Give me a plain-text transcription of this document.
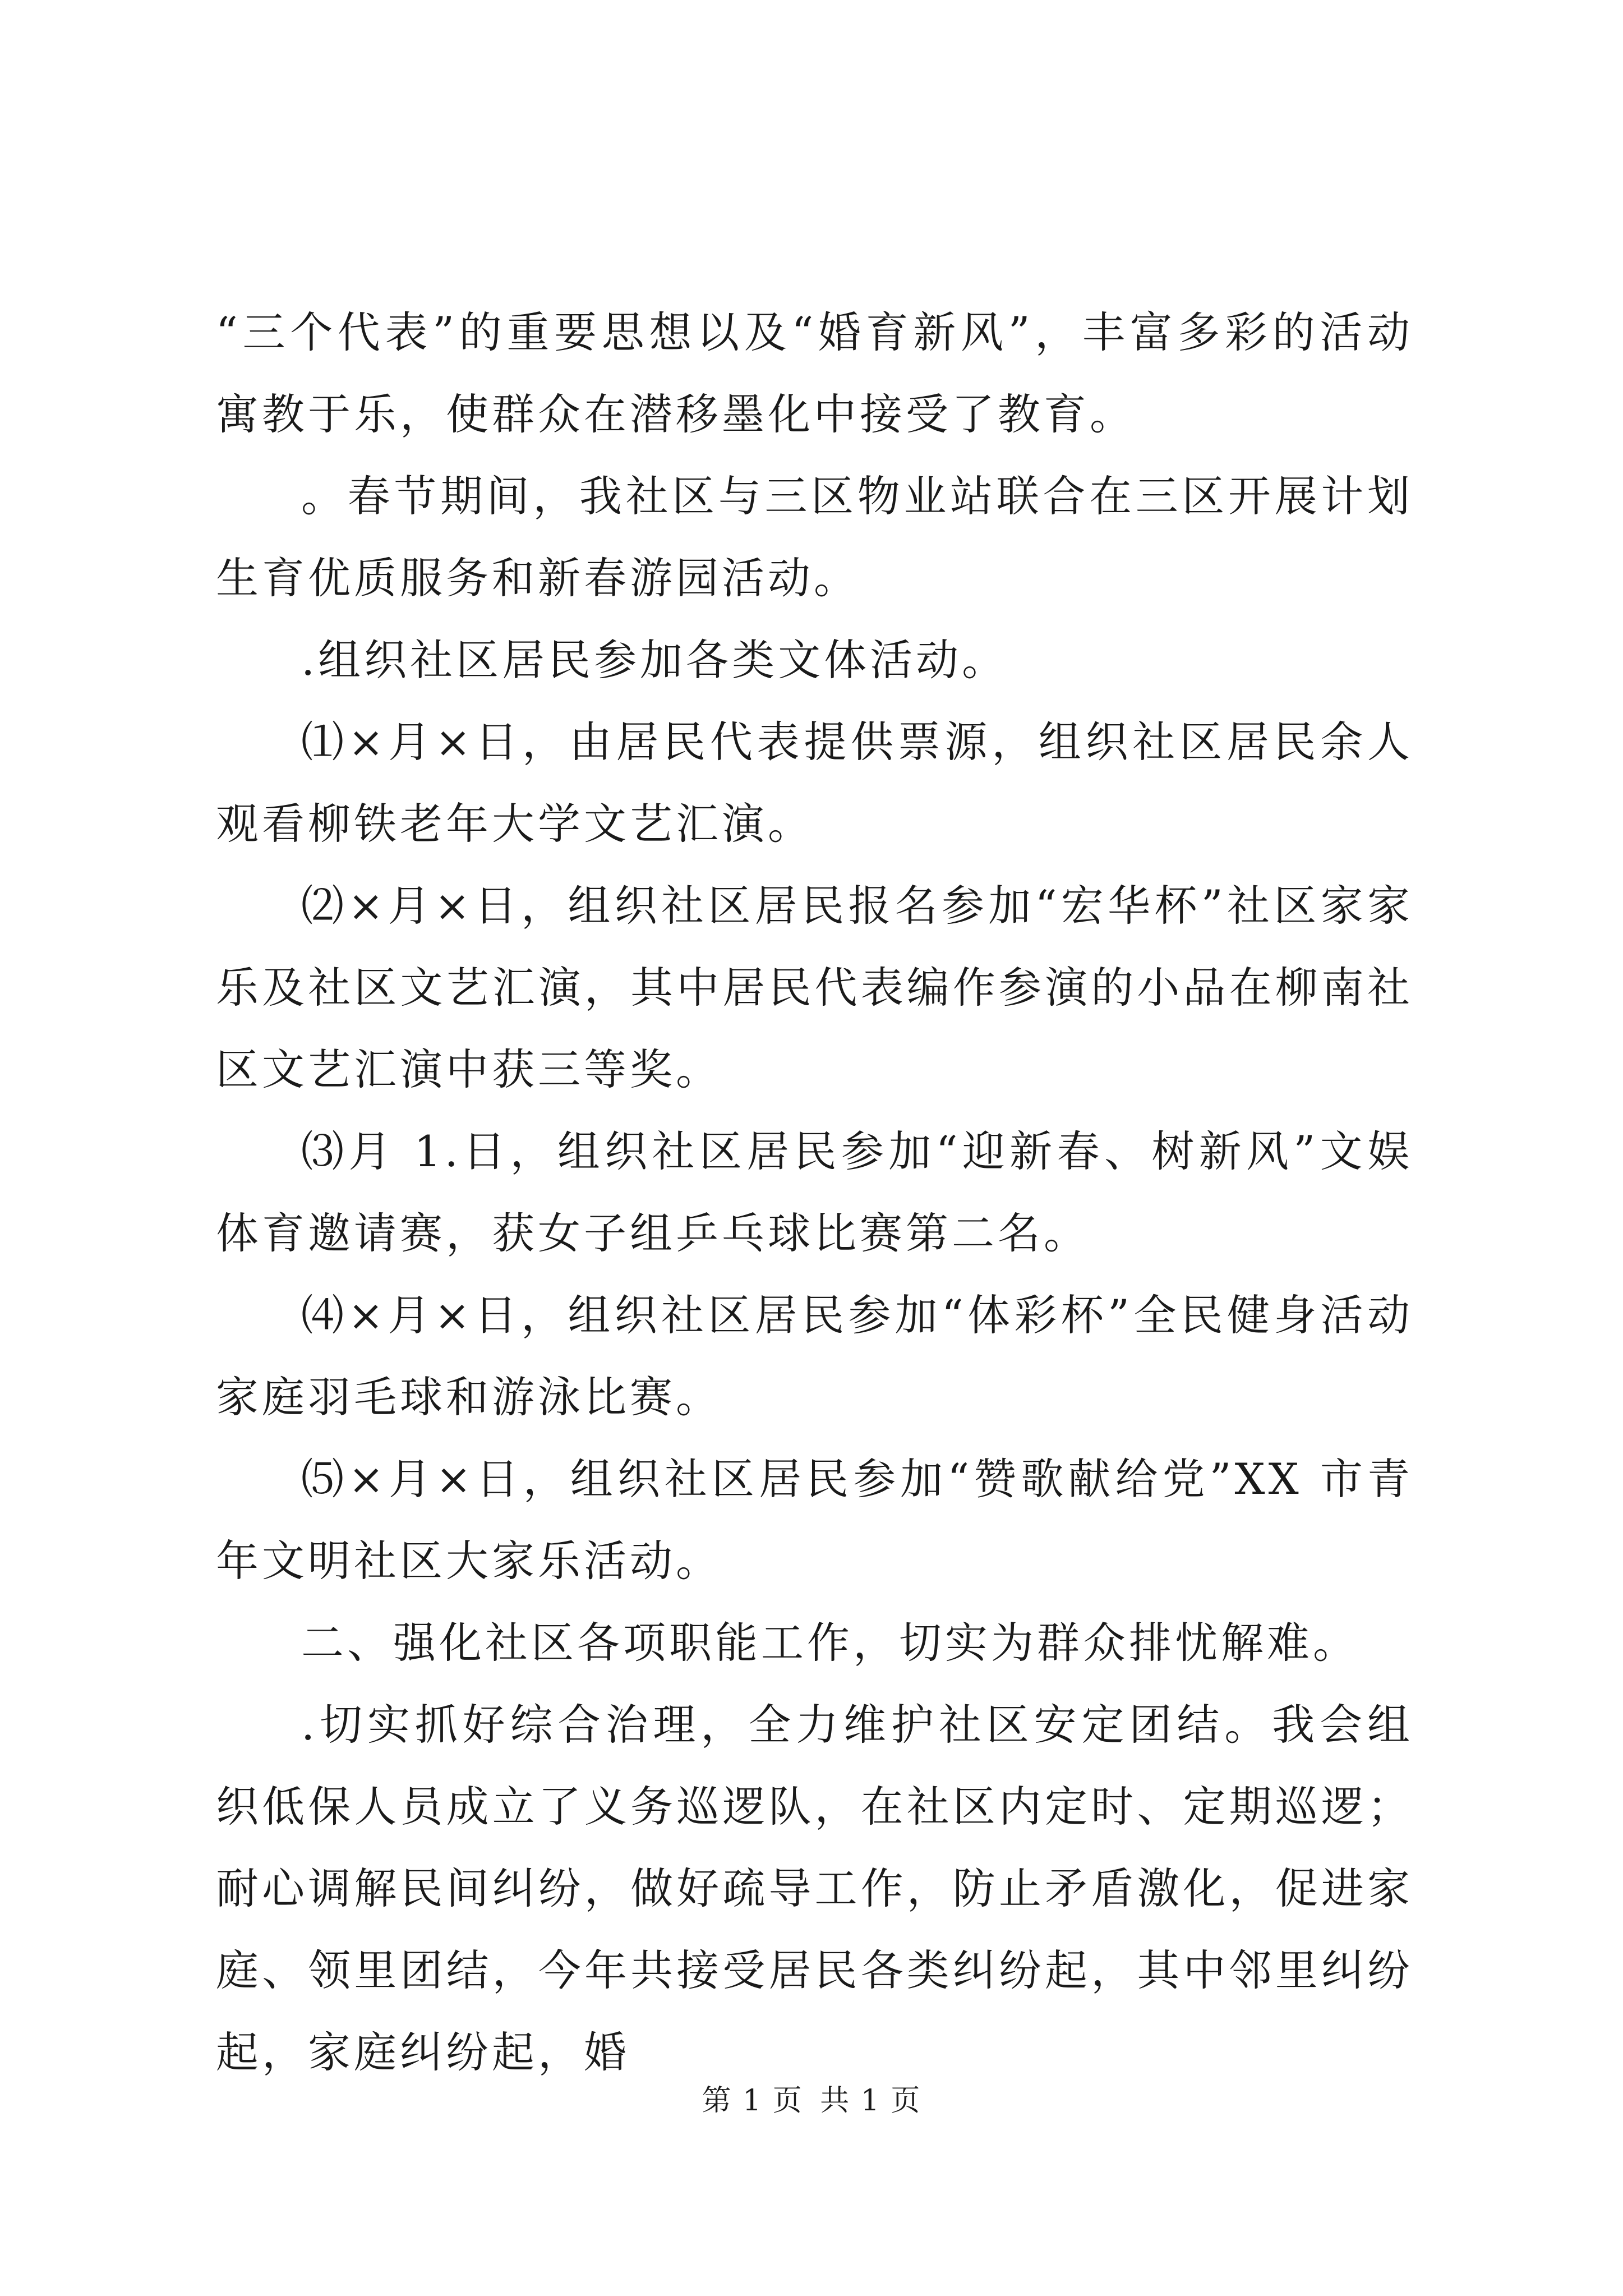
“三个代表”的重要思想以及“婚育新风”，丰富多彩的活动寓教于乐，使群众在潜移墨化中接受了教育。

。春节期间，我社区与三区物业站联合在三区开展计划生育优质服务和新春游园活动。

.组织社区居民参加各类文体活动。

⑴×月×日，由居民代表提供票源，组织社区居民余人观看柳铁老年大学文艺汇演。

⑵×月×日，组织社区居民报名参加“宏华杯”社区家家乐及社区文艺汇演，其中居民代表编作参演的小品在柳南社区文艺汇演中获三等奖。

⑶月 1.日，组织社区居民参加“迎新春、树新风”文娱体育邀请赛，获女子组乒乓球比赛第二名。

⑷×月×日，组织社区居民参加“体彩杯”全民健身活动家庭羽毛球和游泳比赛。

⑸×月×日，组织社区居民参加“赞歌献给党”XX 市青年文明社区大家乐活动。

二、强化社区各项职能工作，切实为群众排忧解难。

.切实抓好综合治理，全力维护社区安定团结。我会组织低保人员成立了义务巡逻队，在社区内定时、定期巡逻；耐心调解民间纠纷，做好疏导工作，防止矛盾激化，促进家庭、领里团结，今年共接受居民各类纠纷起，其中邻里纠纷起，家庭纠纷起，婚

第 1 页 共 1 页
